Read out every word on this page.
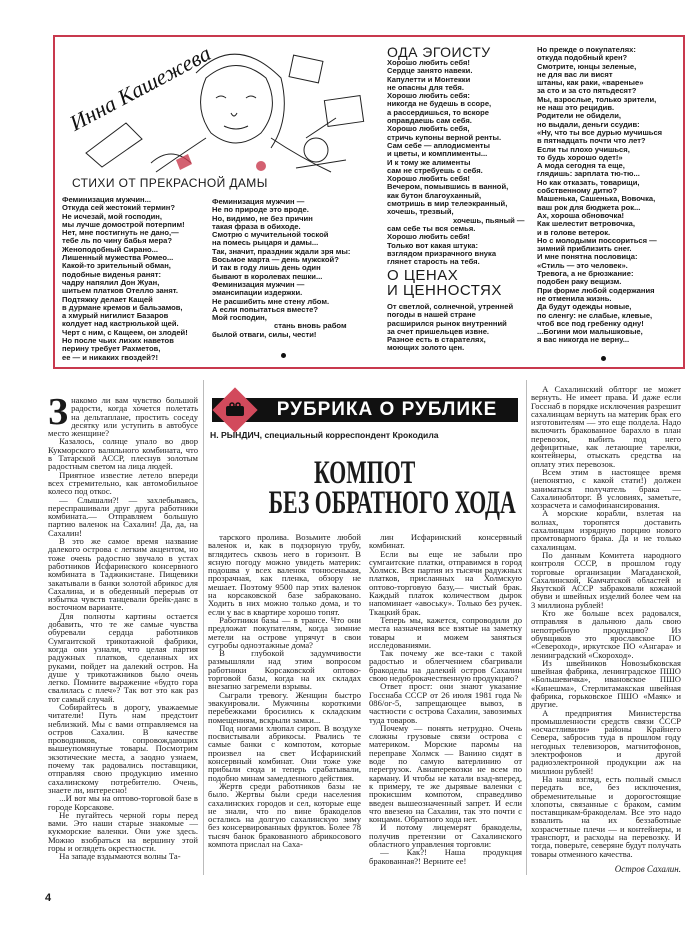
Инна Кашежева
СТИХИ ОТ ПРЕКРАСНОЙ ДАМЫ
Феминизация мужчин...
Откуда сей жестокий термин?
Не исчезай, мой господин,
мы лучше домострой потерпим!
Нет, мне постигнуть не дано,—
тебе ль по чину бабья мера?
Женоподобный Сирано...
Лишенный мужества Ромео...
Какой-то зрительный обман,
подобные виденья ранят:
чадру напялил Дон Жуан,
шитьем платков Отелло занят.
Подтяжку делает Кащей
в дурмане кремов и бальзамов,
а хмурый нигилист Базаров
колдует над кастрюлькой щей.
Черт с ним, с Кащеем, он злодей!
Но после чьих лихих наветов
перину требует Рахметов,
ее — и никаких гвоздей?!
Феминизация мужчин —
Не по природе это вроде.
Но, видимо, не без причин
такая фраза в обиходе.
Смотрю с мучительной тоской
на помесь рыцаря и дамы...
Так, значит, праздник ждали зря мы:
Восьмое марта — день мужской?
И так в году лишь день один
бывают в королевах пешки...
Феминизация мужчин —
эмансипации издержки.
Не расшибить мне стену лбом.
А если попытаться вместе?
Мой господин,
стань вновь рабом
былой отваги, силы, чести!
ОДА ЭГОИСТУ
Хорошо любить себя!
Сердце занято навеки.
Капулетти и Монтекки
не опасны для тебя.
Хорошо любить себя:
никогда не будешь в ссоре,
а рассердишься, то вскоре
оправдаешь сам себя.
Хорошо любить себя,
стричь купоны верной ренты.
Сам себе — аплодисменты
и цветы, и комплименты...
И к тому же алименты
сам не стребуешь с себя.
Хорошо любить себя!
Вечером, помывшись в ванной,
как бутон благоуханный,
смотришь в мир телеэкранный,
хочешь, трезвый,
хочешь, пьяный —
сам себе ты вся семья.
Хорошо любить себя!
Только вот какая штука:
взглядом призрачного внука
глянет старость на тебя.
О ЦЕНАХ
И ЦЕННОСТЯХ
От светлой, солнечной, утренней
погоды в нашей стране
расширился рынок внутренний
за счет пришельцев извне.
Разное есть в старателях,
моющих золото цен.
Но прежде о покупателях:
откуда подобный крен?
Смотрите, юнцы зеленые,
не для вас ли висят
штаны, как раки, «вареные»
за сто и за сто пятьдесят?
Мы, взрослые, только зрители,
не наш это рецидив.
Родители не обидели,
но выдали, деньги ссудив:
«Ну, что ты все дурью мучишься
в пятнадцать почти что лет?
Если ты плохо учишься,
то будь хорошо одет!»
А мода сегодня та еще,
глядишь: зарплата тю-тю...
Но как отказать, товарищи,
собственному дитю?
Машенька, Сашенька, Вовочка,
ваш рок для бюджета рок...
Ах, хороша обновочка!
Как шелестит ветровочка,
и в голове ветерок.
Но с молодыми поссориться —
зимний приблизить снег.
И мне понятна пословица:
«Стиль — это человек».
Тревога, а не брюзжание:
подобен раку вещизм.
При форме любой содержания
не отменила жизнь.
Да будут одежды новые,
по сленгу: не слабые, клевые,
чтоб все под гребенку одну!
...Богини мои малышковые,
я вас никогда не верну...
РУБРИКА О РУБЛИКЕ
Н. РЫНДИЧ, специальный корреспондент Крокодила
КОМПОТ
БЕЗ ОБРАТНОГО ХОДА
З накомо ли вам чувство большой радости, когда хочется полетать на дельтаплане, простить соседу десятку или уступить в автобусе место женщине?

Казалось, солнце упало во двор Кукморского валяльного комбината, что в Татарской АССР, плеснув золотым радостным светом на лица людей.

Приятное известие летело впереди всех стремительно, как автомобильное колесо под откос.

— Слышали?! — захлебываясь, переспрашивали друг друга работники комбината.— Отправляем большую партию валенок на Сахалин! Да, да, на Сахалин!

В это же самое время название далекого острова с легким акцентом, но тоже очень радостно звучало в устах работников Исфаринского консервного комбината в Таджикистане. Пищевики закатывали в банки золотой абрикос для Сахалина, и в обеденный перерыв от избытка чувств танцевали брейк-данс в восточном варианте.

Для полноты картины остается добавить, что те же самые чувства обуревали сердца работников Сумгаитской трикотажной фабрики, когда они узнали, что целая партия радужных платков, сделанных их руками, пойдет на далекий остров. На душе у трикотажников было очень легко. Помните выражение «будто гора свалилась с плеч»? Так вот это как раз тот самый случай.

Собирайтесь в дорогу, уважаемые читатели! Путь нам предстоит неблизкий. Мы с вами отправляемся на остров Сахалин. В качестве проводников, сопровождающих вышеупомянутые товары. Посмотрим экзотические места, а заодно узнаем, почему так радовались поставщики, отправляя свою продукцию именно сахалинскому потребителю. Очень, знаете ли, интересно!

...И вот мы на оптово-торговой базе в городе Корсакове.

Не пугайтесь черной горы перед вами. Это наши старые знакомые — кукморские валенки. Они уже здесь. Можно взобраться на вершину этой горы и оглядеть окрестности.

На западе вздымаются волны Та-

тарского пролива. Возьмите любой валенок и, как в подзорную трубу, вглядитесь сквозь него в горизонт. В ясную погоду можно увидеть материк: подошва у всех валенок тонюсенькая, прозрачная, как пленка, обзору не мешает. Поэтому 9500 пар этих валенок на корсаковской базе забраковано. Ходить в них можно только дома, и то если у вас в квартире хорошо топят.

Работники базы — в трансе. Что они предложат покупателям, когда зимние метели на острове упрячут в свои сугробы одноэтажные дома?

В глубокой задумчивости размышляли над этим вопросом работники Корсаковской оптово-торговой базы, когда на их складах внезапно загремели взрывы.

Сыграли тревогу. Женщин быстро эвакуировали. Мужчины короткими перебежками бросились к складским помещениям, вскрыли замки...

Под ногами хлюпал сироп. В воздухе посвистывали абрикосы. Рвались те самые банки с компотом, которые произвел на свет Исфаринский консервный комбинат. Они тоже уже прибыли сюда и теперь срабатывали, подобно минам замедленного действия.

Жертв среди работников базы не было. Жертвы были среди населения сахалинских городов и сел, которые еще не знали, что по вине бракоделов остались на долгую сахалинскую зиму без консервированных фруктов. Более 78 тысяч банок бракованного абрикосового компота прислал на Саха-

лин Исфаринский консервный комбинат.

Если вы еще не забыли про сумгаитские платки, отправимся в город Холмск. Вся партия из тысячи радужных платков, присланных на Холмскую оптово-торговую базу,— чистый брак. Каждый платок количеством дырок напоминает «авоську». Только без ручек. Ткацкий брак.

Теперь мы, кажется, сопроводили до места назначения все взятые на заметку товары и можем заняться исследованиями.

Так почему же все-таки с такой радостью и облегчением сбагривали бракоделы на далекий остров Сахалин свою недоброкачественную продукцию?

Ответ прост: они знают указание Госснаба СССР от 26 июля 1981 года № 086/ог-5, запрещающее вывоз, в частности с острова Сахалин, завозимых туда товаров.

Почему — понять нетрудно. Очень сложны грузовые связи острова с материком. Морские паромы на переправе Холмск — Ванино сидят в воде по самую ватерлинию от перегрузок. Авиаперевозки не всем по карману. И чтобы не катали взад-вперед, к примеру, те же дырявые валенки с прокисшим компотом, справедливо введен вышеозначенный запрет. И если что ввезено на Сахалин, так это почти с концами. Обратного хода нет.

И потому лицемерят бракоделы, получив претензии от Сахалинского областного управления торговли:

— Как?! Наша продукция бракованная?! Верните ее!

А Сахалинский облторг не может вернуть. Не имеет права. И даже если Госснаб в порядке исключения разрешит сахалинцам вернуть на материк брак его изготовителям — это еще полдела. Надо включить бракованное барахло в план перевозок, выбить под него дефицитные, как летающие тарелки, контейнеры, отыскать средства на оплату этих перевозок.

Всем этим в настоящее время (непонятно, с какой стати!) должен заниматься получатель брака — Сахалиноблторг. В условиях, заметьте, хозрасчета и самофинансирования.

А морские корабли, взлетая на волнах, торопятся доставить сахалинцам изрядную порцию нового промтоварного брака. Да и не только сахалинцам.

По данным Комитета народного контроля СССР, в прошлом году торговые организации Магаданской, Сахалинской, Камчатской областей и Якутской АССР забраковали кожаной обуви и швейных изделий более чем на 3 миллиона рублей!

Кто же больше всех радовался, отправляя в дальнюю даль свою непотребную продукцию? Из обувщиков это ярославское ПО «Североход», иркутское ПО «Ангара» и ленинградский «Скороход».

Из швейников Новозыбковская швейная фабрика, ленинградское ПШО «Большевичка», ивановское ПШО «Кинешма», Стерлитамакская швейная фабрика, горьковское ПШО «Маяк» и другие.

А предприятия Министерства промышленности средств связи СССР «осчастливили» районы Крайнего Севера, забросив туда в прошлом году негодных телевизоров, магнитофонов, электрофонов и другой радиоэлектронной продукции аж на миллион рублей!

На наш взгляд, есть полный смысл передать все, без исключения, обременительные и дорогостоящие хлопоты, связанные с браком, самим поставщикам-бракоделам. Все это надо взвалить на их беззаботные хозрасчетные плечи — и контейнеры, и транспорт, и расходы на перевозку. И тогда, поверьте, северяне будут получать товары отменного качества.

Остров Сахалин.
4
